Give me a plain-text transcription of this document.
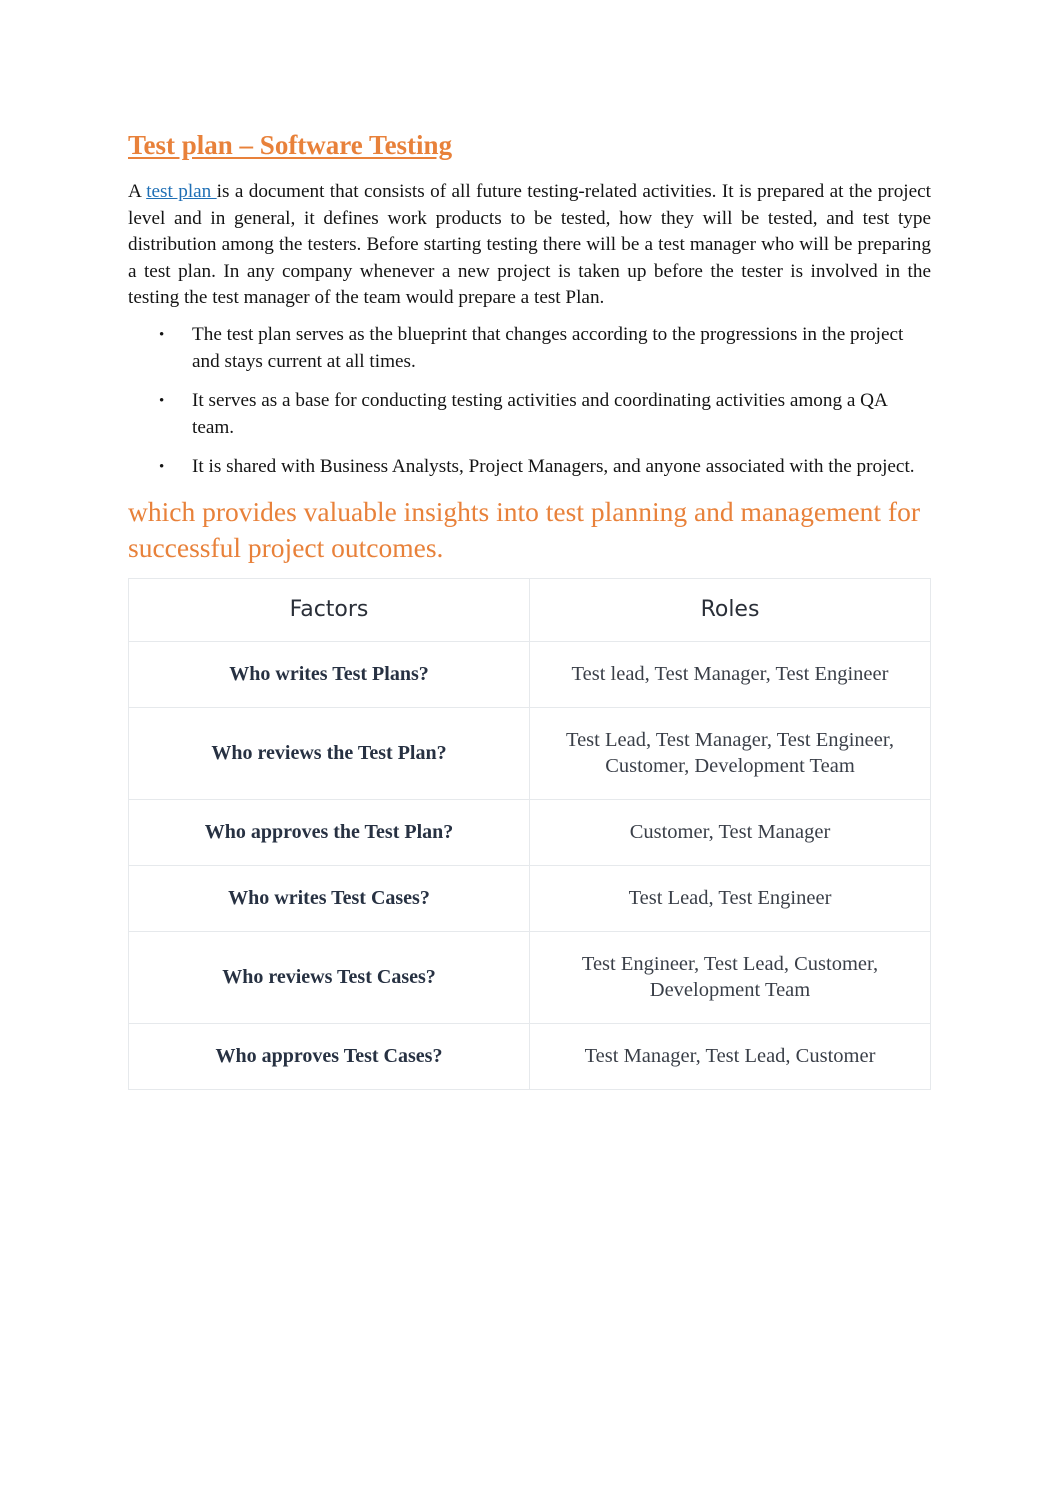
Test plan – Software Testing

A test plan is a document that consists of all future testing-related activities. It is prepared at the project level and in general, it defines work products to be tested, how they will be tested, and test type distribution among the testers. Before starting testing there will be a test manager who will be preparing a test plan. In any company whenever a new project is taken up before the tester is involved in the testing the test manager of the team would prepare a test Plan.

• The test plan serves as the blueprint that changes according to the progressions in the project and stays current at all times.
• It serves as a base for conducting testing activities and coordinating activities among a QA team.
• It is shared with Business Analysts, Project Managers, and anyone associated with the project.
which provides valuable insights into test planning and management for successful project outcomes.
Factors	Roles
Who writes Test Plans?	Test lead, Test Manager, Test Engineer
Who reviews the Test Plan?	Test Lead, Test Manager, Test Engineer, Customer, Development Team
Who approves the Test Plan?	Customer, Test Manager
Who writes Test Cases?	Test Lead, Test Engineer
Who reviews Test Cases?	Test Engineer, Test Lead, Customer, Development Team
Who approves Test Cases?	Test Manager, Test Lead, Customer
